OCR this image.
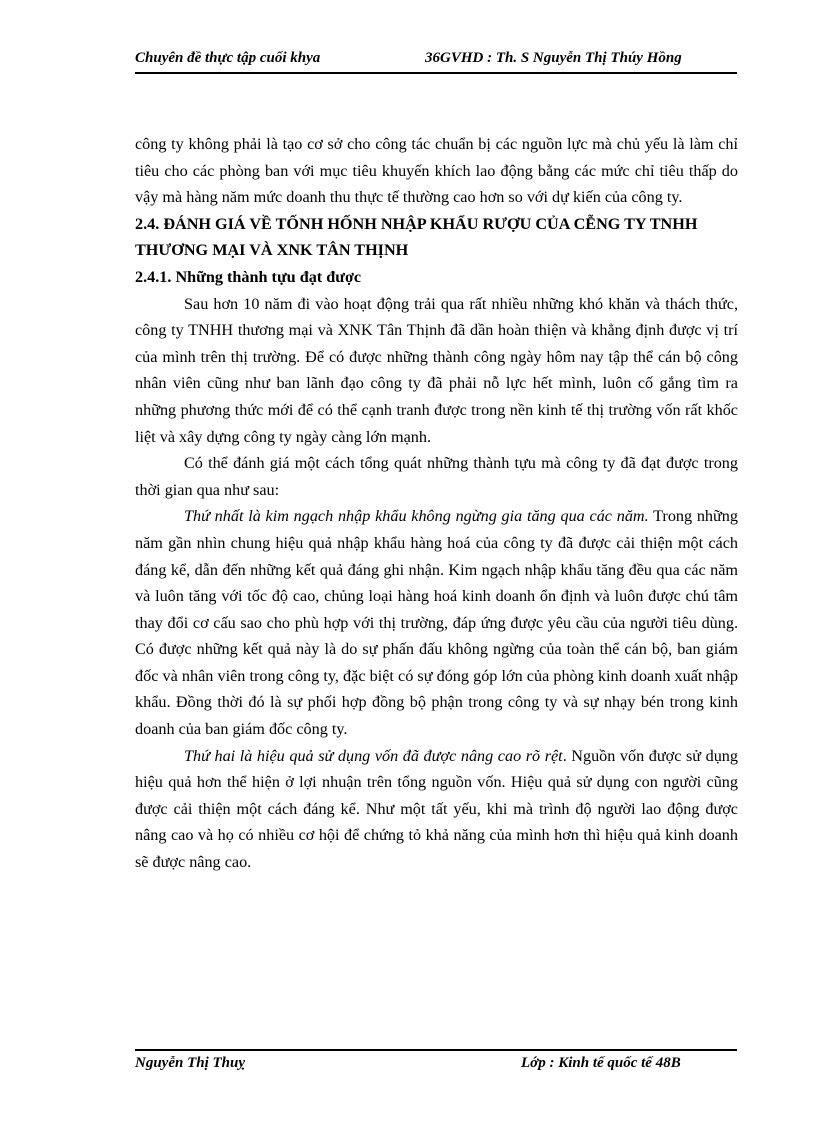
Chuyên đề thực tập cuối khya	36GVHD : Th. S Nguyễn Thị Thúy Hồng

công ty không phải là tạo cơ sở cho công tác chuẩn bị các nguồn lực mà chủ yếu là làm chỉ tiêu cho các phòng ban với mục tiêu khuyến khích lao động bằng các mức chỉ tiêu thấp do vậy mà hàng năm mức doanh thu thực tế thường cao hơn so với dự kiến của công ty.

2.4. ĐÁNH GIÁ VỀ TỐNH HỐNH NHẬP KHẨU RƯỢU CỦA CỄNG TY TNHH THƯƠNG MẠI VÀ XNK TÂN THỊNH

2.4.1. Những thành tựu đạt được

Sau hơn 10 năm đi vào hoạt động trải qua rất nhiều những khó khăn và thách thức, công ty TNHH thương mại và XNK Tân Thịnh đã dần hoàn thiện và khẳng định được vị trí của mình trên thị trường. Để có được những thành công ngày hôm nay tập thể cán bộ công nhân viên cũng như ban lãnh đạo công ty đã phải nỗ lực hết mình, luôn cố gắng tìm ra những phương thức mới để có thể cạnh tranh được trong nền kinh tế thị trường vốn rất khốc liệt và xây dựng công ty ngày càng lớn mạnh.

Có thể đánh giá một cách tổng quát những thành tựu mà công ty đã đạt được trong thời gian qua như sau:

Thứ nhất là kim ngạch nhập khẩu không ngừng gia tăng qua các năm. Trong những năm gần nhìn chung hiệu quả nhập khẩu hàng hoá của công ty đã được cải thiện một cách đáng kể, dẫn đến những kết quả đáng ghi nhận. Kim ngạch nhập khẩu tăng đều qua các năm và luôn tăng với tốc độ cao, chủng loại hàng hoá kinh doanh ổn định và luôn được chú tâm thay đổi cơ cấu sao cho phù hợp với thị trường, đáp ứng được yêu cầu của người tiêu dùng. Có được những kết quả này là do sự phấn đấu không ngừng của toàn thể cán bộ, ban giám đốc và nhân viên trong công ty, đặc biệt có sự đóng góp lớn của phòng kinh doanh xuất nhập khẩu. Đồng thời đó là sự phối hợp đồng bộ phận trong công ty và sự nhạy bén trong kinh doanh của ban giám đốc công ty.

Thứ hai là hiệu quả sử dụng vốn đã được nâng cao rõ rệt. Nguồn vốn được sử dụng hiệu quả hơn thể hiện ở lợi nhuận trên tổng nguồn vốn. Hiệu quả sử dụng con người cũng được cải thiện một cách đáng kể. Như một tất yếu, khi mà trình độ người lao động được nâng cao và họ có nhiều cơ hội để chứng tỏ khả năng của mình hơn thì hiệu quả kinh doanh sẽ được nâng cao.

Nguyễn Thị Thuỵ	Lớp : Kinh tế quốc tế 48B
